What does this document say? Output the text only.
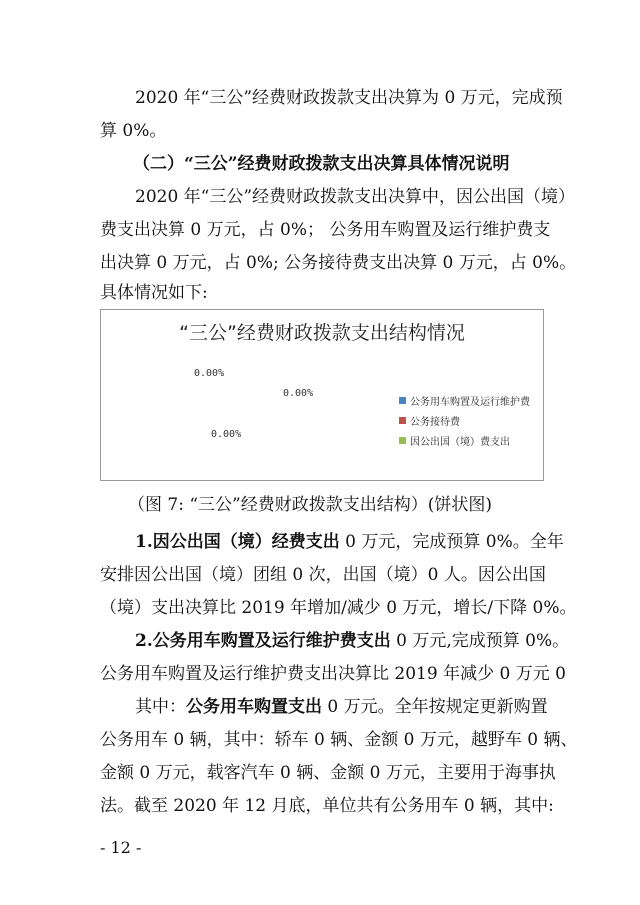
2020 年“三公”经费财政拨款支出决算为 0 万元，完成预
算 0%。
（二）“三公”经费财政拨款支出决算具体情况说明
2020 年“三公”经费财政拨款支出决算中，因公出国（境）
费支出决算 0 万元，占 0%； 公务用车购置及运行维护费支
出决算 0 万元，占 0%; 公务接待费支出决算 0 万元，占 0%。
具体情况如下:
“三公”经费财政拨款支出结构情况
0.00%
0.00%
0.00%
公务用车购置及运行维护费
公务接待费
因公出国（境）费支出
（图 7: “三公”经费财政拨款支出结构）(饼状图)
1.因公出国（境）经费支出 0 万元，完成预算 0%。全年
安排因公出国（境）团组 0 次，出国（境）0 人。因公出国
（境）支出决算比 2019 年增加/减少 0 万元，增长/下降 0%。
2.公务用车购置及运行维护费支出 0 万元,完成预算 0%。
公务用车购置及运行维护费支出决算比 2019 年减少 0 万元 0
其中：公务用车购置支出 0 万元。全年按规定更新购置
公务用车 0 辆，其中：轿车 0 辆、金额 0 万元，越野车 0 辆、
金额 0 万元，载客汽车 0 辆、金额 0 万元，主要用于海事执
法。截至 2020 年 12 月底，单位共有公务用车 0 辆，其中:
- 12 -
